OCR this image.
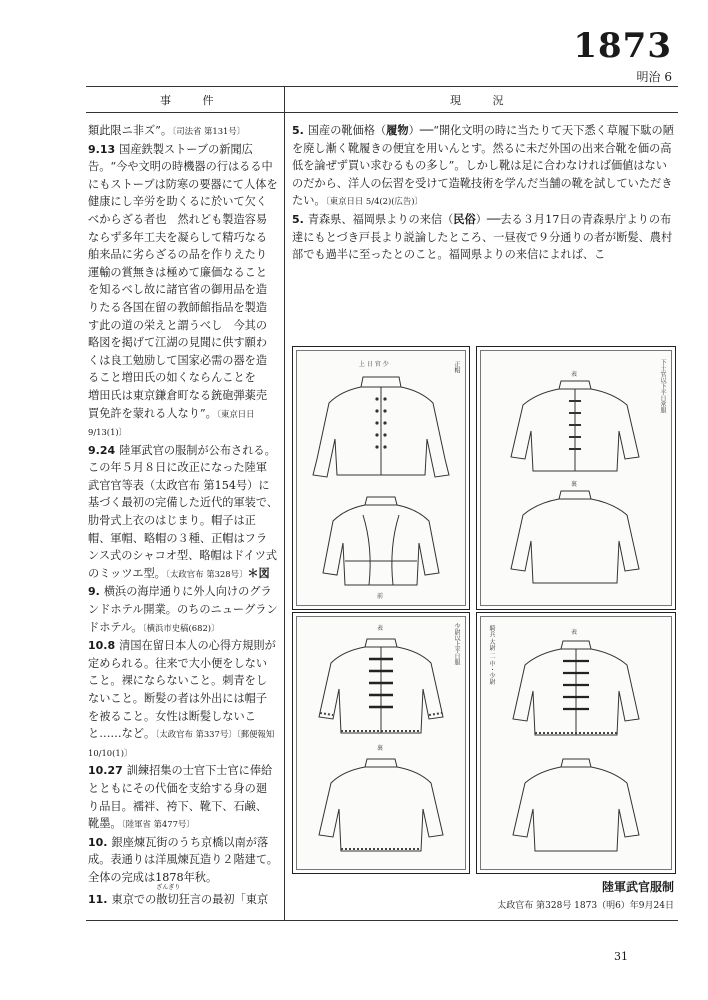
1873
明治 6
事 件	現 況

類此限ニ非ズ”。〔司法省 第131号〕

9.13 国産鉄製ストーブの新聞広告。“今や文明の時機器の行はるる中にもストーブは防寒の要器にて人体を健康にし辛労を助くるに於いて欠くべからざる者也　然れども製造容易ならず多年工夫を凝らして精巧なる舶来品に劣らざるの品を作りえたり　運輸の賞無きは極めて廉価なることを知るべし故に諸官省の御用品を造りたる各国在留の教師館指品を製造す此の道の栄えと謂うべし　今其の略図を掲げて江湖の見聞に供す願わくは良工勉励して国家必需の器を造ること増田氏の如くならんことを　増田氏は東京鎌倉町なる銃砲弾薬売買免許を蒙れる人なり”。〔東京日日 9/13(1)〕

9.24 陸軍武官の服制が公布される。この年５月８日に改正になった陸軍武官官等表（太政官布 第154号）に基づく最初の完備した近代的軍装で、肋骨式上衣のはじまり。帽子は正帽、軍帽、略帽の３種、正帽はフランス式のシャコオ型、略帽はドイツ式のミッツエ型。〔太政官布 第328号〕＊図

9. 横浜の海岸通りに外人向けのグランドホテル開業。のちのニューグランドホテル。〔横浜市史稿(682)〕

10.8 清国在留日本人の心得方規則が定められる。往来で大小便をしないこと。裸にならないこと。刺青をしないこと。断髪の者は外出には帽子を被ること。女性は断髪しないこと……など。〔太政官布 第337号〕〔郵便報知 10/10(1)〕

10.27 訓練招集の士官下士官に俸給とともにその代価を支給する身の廻り品目。襦袢、袴下、靴下、石鹸、靴墨。〔陸軍省 第477号〕

10. 銀座煉瓦街のうち京橋以南が落成。表通りは洋風煉瓦造り２階建て。全体の完成は1878年秋。

11. 東京での
ざんぎり
散切狂言の最初「東京

5. 国産の靴価格（履物）──“開化文明の時に当たりて天下悉く草履下駄の陋を廃し漸く靴履きの便宜を用いんとす。然るに未だ外国の出来合靴を価の高低を論ぜず買い求むるもの多し”。しかし靴は足に合わなければ価値はないのだから、洋人の伝習を受けて造靴技術を学んだ当舗の靴を試していただきたい。〔東京日日 5/4(2)(広告)〕

5. 青森県、福岡県よりの来信（民俗）──去る３月17日の青森県庁よりの布達にもとづき戸長より説論したところ、一昼夜で９分通りの者が断髪、農村部でも過半に至ったとのこと。福岡県よりの来信によれば、こ

上 日 官 少	正帽
前
表	下士官以下平日常服
裏
表	少尉以上平日服
裏
表
騎兵 大尉 二 中・少尉
陸軍武官服制
太政官布 第328号 1873（明6）年9月24日
31
